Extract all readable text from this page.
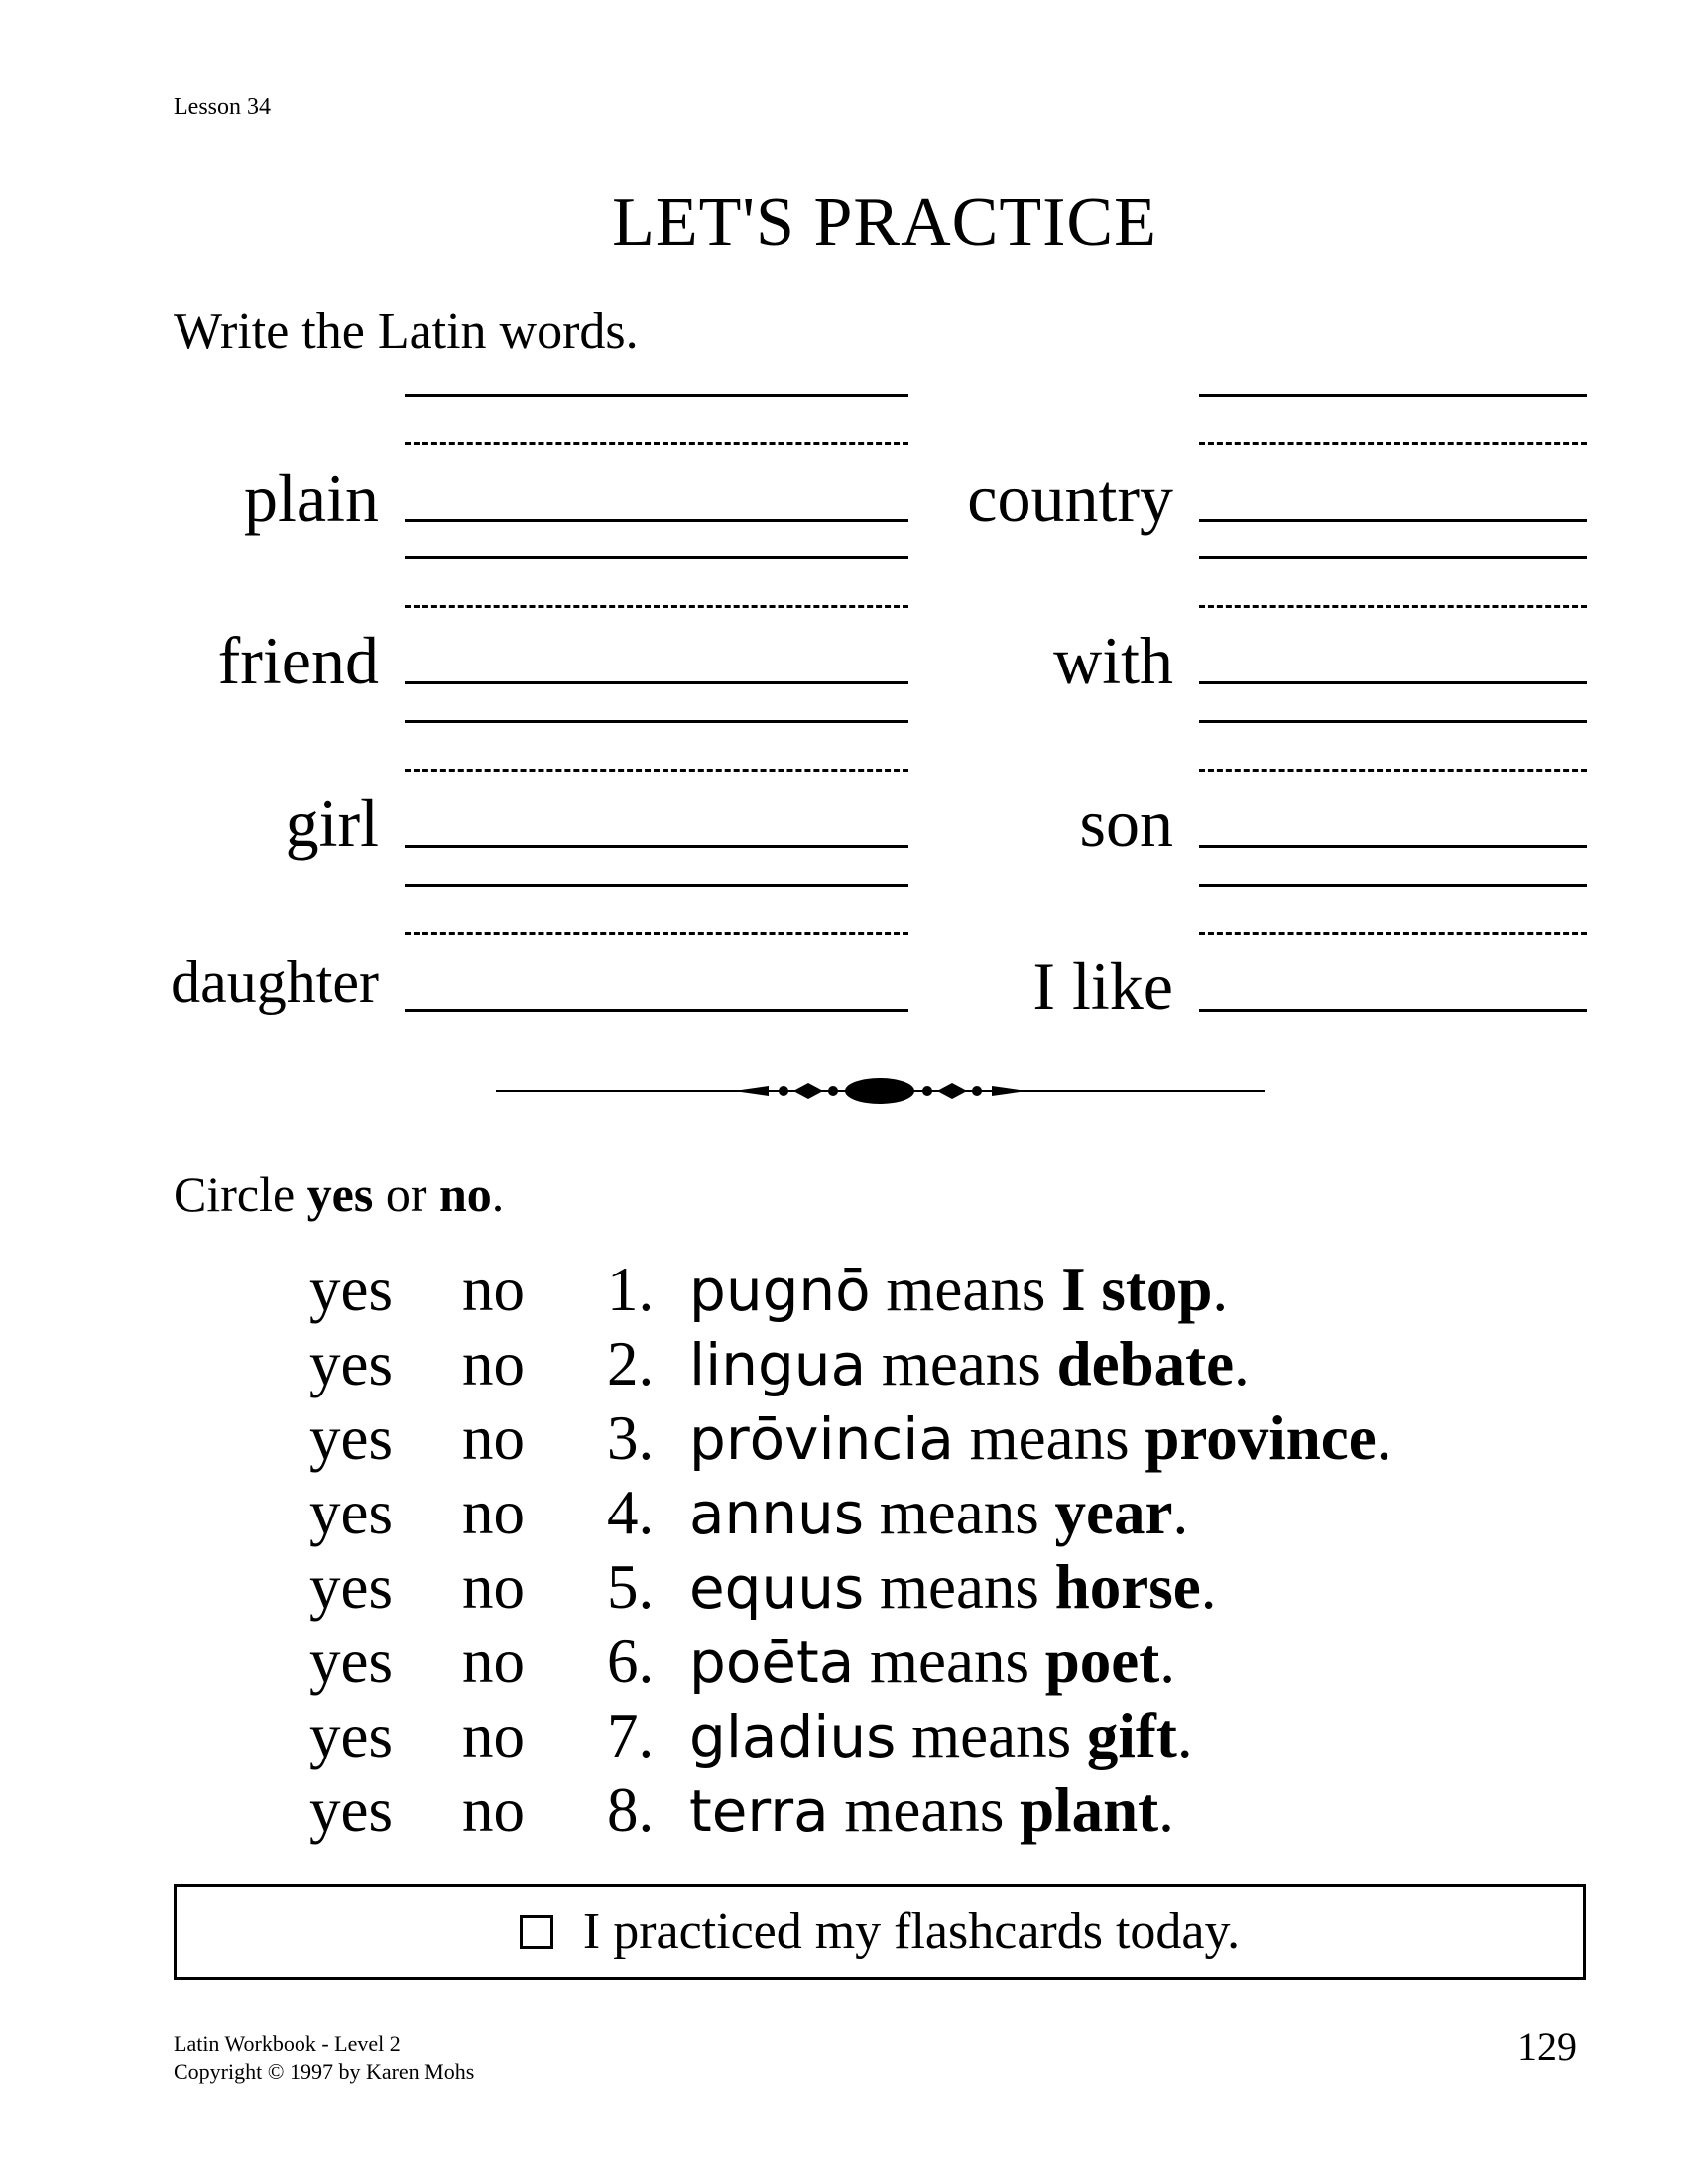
Lesson 34
LET'S PRACTICE
Write the Latin words.
plain
friend
girl
daughter
country
with
son
I like
Circle yes or no.
yes no 1. pugnō means I stop.
yes no 2. lingua means debate.
yes no 3. prōvincia means province.
yes no 4. annus means year.
yes no 5. equus means horse.
yes no 6. poēta means poet.
yes no 7. gladius means gift.
yes no 8. terra means plant.
I practiced my flashcards today.
Latin Workbook - Level 2
Copyright © 1997 by Karen Mohs
129
